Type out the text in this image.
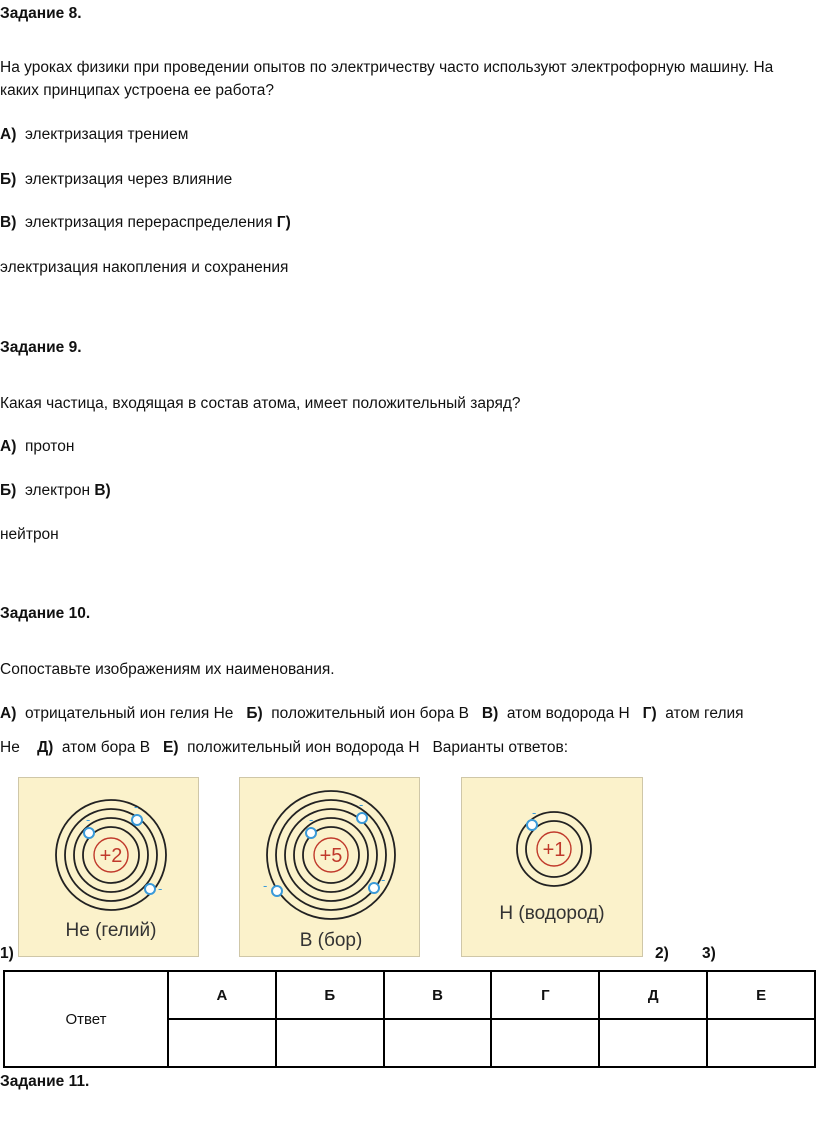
Задание 8.
На уроках физики при проведении опытов по электричеству часто используют электрофорную машину. На
каких принципах устроена ее работа?
А) электризация трением
Б) электризация через влияние
В) электризация перераспределения Г)
электризация накопления и сохранения
Задание 9.
Какая частица, входящая в состав атома, имеет положительный заряд?
А) протон
Б) электрон В)
нейтрон
Задание 10.
Сопоставьте изображениям их наименования.
А) отрицательный ион гелия Не Б) положительный ион бора В В) атом водорода Н Г) атом гелия
Не Д) атом бора В Е) положительный ион водорода Н Варианты ответов:
+2
-
-
-
Не (гелий)
+5
-
-
-	-
В (бор)
+1
-
Н (водород)
1)	2) 3)
Ответ	А	Б	В	Г	Д	Е

Задание 11.
